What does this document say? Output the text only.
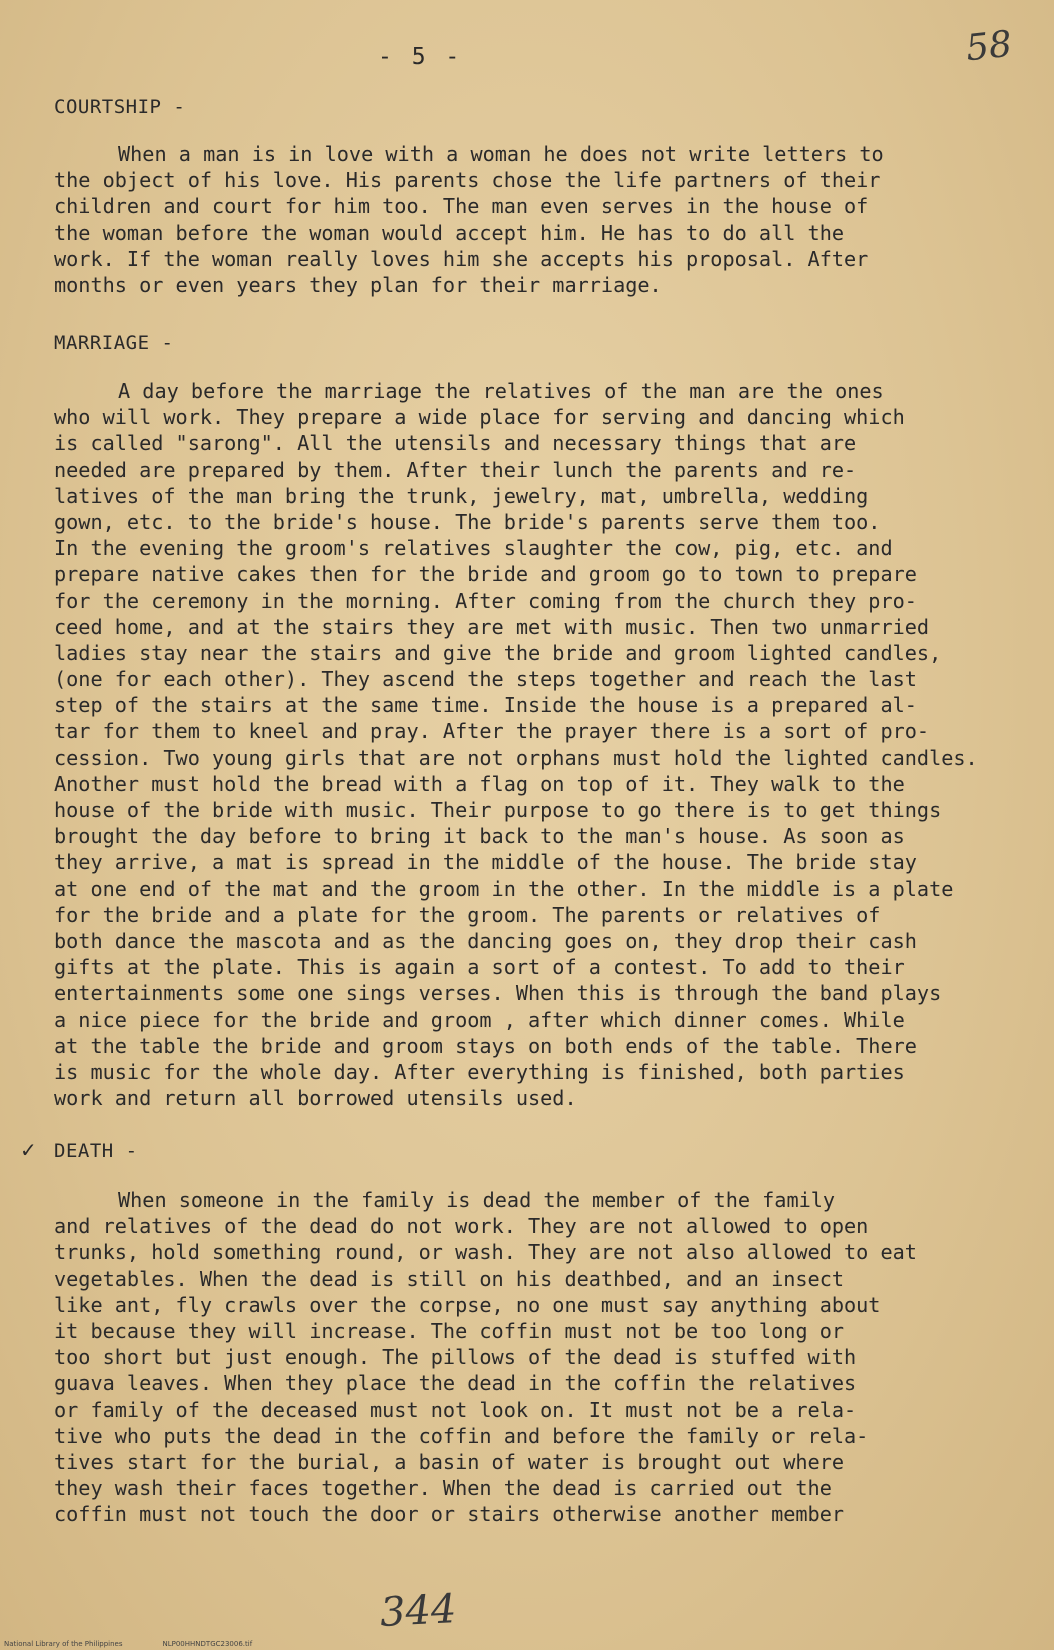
- 5 -	58
COURTSHIP -
When a man is in love with a woman he does not write letters to
the object of his love. His parents chose the life partners of their
children and court for him too. The man even serves in the house of
the woman before the woman would accept him. He has to do all the
work. If the woman really loves him she accepts his proposal. After
months or even years they plan for their marriage.
MARRIAGE -
A day before the marriage the relatives of the man are the ones
who will work. They prepare a wide place for serving and dancing which
is called "sarong". All the utensils and necessary things that are
needed are prepared by them. After their lunch the parents and re-
latives of the man bring the trunk, jewelry, mat, umbrella, wedding
gown, etc. to the bride's house. The bride's parents serve them too.
In the evening the groom's relatives slaughter the cow, pig, etc. and
prepare native cakes then for the bride and groom go to town to prepare
for the ceremony in the morning. After coming from the church they pro-
ceed home, and at the stairs they are met with music. Then two unmarried
ladies stay near the stairs and give the bride and groom lighted candles,
(one for each other). They ascend the steps together and reach the last
step of the stairs at the same time. Inside the house is a prepared al-
tar for them to kneel and pray. After the prayer there is a sort of pro-
cession. Two young girls that are not orphans must hold the lighted candles.
Another must hold the bread with a flag on top of it. They walk to the
house of the bride with music. Their purpose to go there is to get things
brought the day before to bring it back to the man's house. As soon as
they arrive, a mat is spread in the middle of the house. The bride stay
at one end of the mat and the groom in the other. In the middle is a plate
for the bride and a plate for the groom. The parents or relatives of
both dance the mascota and as the dancing goes on, they drop their cash
gifts at the plate. This is again a sort of a contest. To add to their
entertainments some one sings verses. When this is through the band plays
a nice piece for the bride and groom , after which dinner comes. While
at the table the bride and groom stays on both ends of the table. There
is music for the whole day. After everything is finished, both parties
work and return all borrowed utensils used.
✓ DEATH -
When someone in the family is dead the member of the family
and relatives of the dead do not work. They are not allowed to open
trunks, hold something round, or wash. They are not also allowed to eat
vegetables. When the dead is still on his deathbed, and an insect
like ant, fly crawls over the corpse, no one must say anything about
it because they will increase. The coffin must not be too long or
too short but just enough. The pillows of the dead is stuffed with
guava leaves. When they place the dead in the coffin the relatives
or family of the deceased must not look on. It must not be a rela-
tive who puts the dead in the coffin and before the family or rela-
tives start for the burial, a basin of water is brought out where
they wash their faces together. When the dead is carried out the
coffin must not touch the door or stairs otherwise another member
344
National Library of the Philippines	NLP00HHNDTGC23006.tif
